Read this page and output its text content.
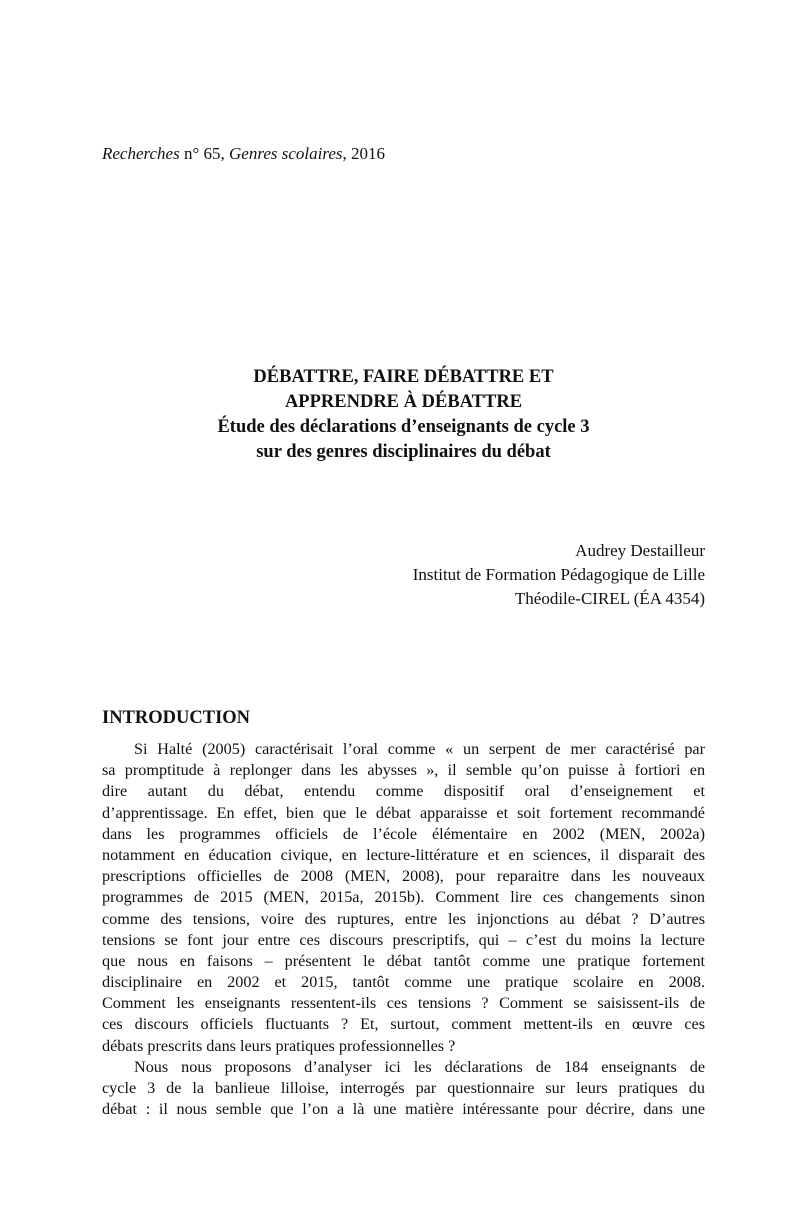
Recherches n° 65, Genres scolaires, 2016
DÉBATTRE, FAIRE DÉBATTRE ET
APPRENDRE À DÉBATTRE
Étude des déclarations d’enseignants de cycle 3
sur des genres disciplinaires du débat
Audrey Destailleur
Institut de Formation Pédagogique de Lille
Théodile-CIREL (ÉA 4354)
INTRODUCTION
Si Halté (2005) caractérisait l’oral comme « un serpent de mer caractérisé par
sa promptitude à replonger dans les abysses », il semble qu’on puisse à fortiori en
dire autant du débat, entendu comme dispositif oral d’enseignement et
d’apprentissage. En effet, bien que le débat apparaisse et soit fortement recommandé
dans les programmes officiels de l’école élémentaire en 2002 (MEN, 2002a)
notamment en éducation civique, en lecture-littérature et en sciences, il disparait des
prescriptions officielles de 2008 (MEN, 2008), pour reparaitre dans les nouveaux
programmes de 2015 (MEN, 2015a, 2015b). Comment lire ces changements sinon
comme des tensions, voire des ruptures, entre les injonctions au débat ? D’autres
tensions se font jour entre ces discours prescriptifs, qui – c’est du moins la lecture
que nous en faisons – présentent le débat tantôt comme une pratique fortement
disciplinaire en 2002 et 2015, tantôt comme une pratique scolaire en 2008.
Comment les enseignants ressentent-ils ces tensions ? Comment se saisissent-ils de
ces discours officiels fluctuants ? Et, surtout, comment mettent-ils en œuvre ces
débats prescrits dans leurs pratiques professionnelles ?
Nous nous proposons d’analyser ici les déclarations de 184 enseignants de
cycle 3 de la banlieue lilloise, interrogés par questionnaire sur leurs pratiques du
débat : il nous semble que l’on a là une matière intéressante pour décrire, dans une
